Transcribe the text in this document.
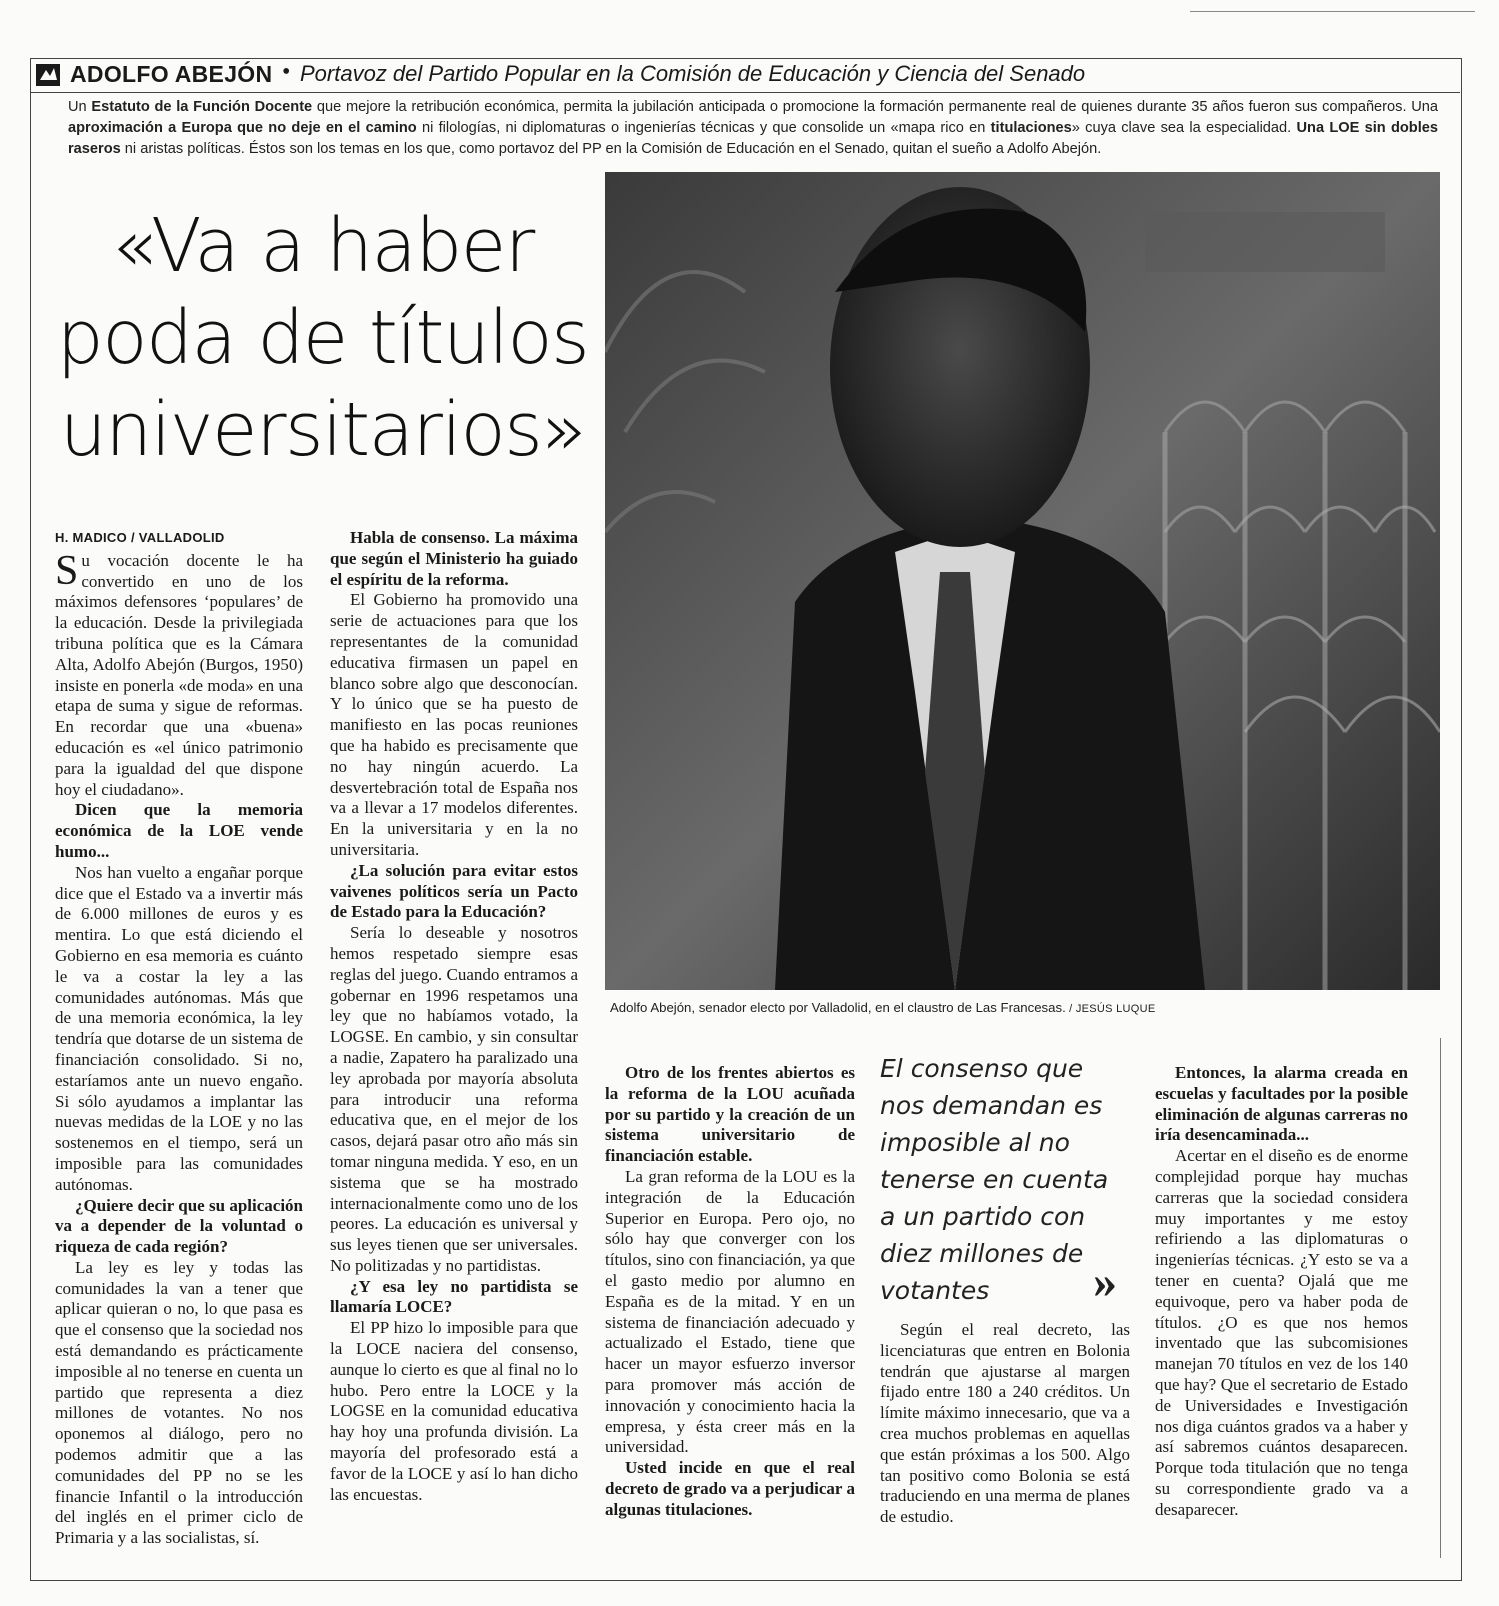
ADOLFO ABEJÓN • Portavoz del Partido Popular en la Comisión de Educación y Ciencia del Senado
Un Estatuto de la Función Docente que mejore la retribución económica, permita la jubilación anticipada o promocione la formación permanente real de quienes durante 35 años fueron sus compañeros. Una aproximación a Europa que no deje en el camino ni filologías, ni diplomaturas o ingenierías técnicas y que consolide un «mapa rico en titulaciones» cuya clave sea la especialidad. Una LOE sin dobles raseros ni aristas políticas. Éstos son los temas en los que, como portavoz del PP en la Comisión de Educación en el Senado, quitan el sueño a Adolfo Abejón.
«Va a haber
poda de títulos
universitarios»
Adolfo Abejón, senador electo por Valladolid, en el claustro de Las Francesas. / JESÚS LUQUE
H. MADICO / VALLADOLID

Su vocación docente le ha convertido en uno de los máximos defensores ‘populares’ de la educación. Desde la privilegiada tribuna política que es la Cámara Alta, Adolfo Abejón (Burgos, 1950) insiste en ponerla «de moda» en una etapa de suma y sigue de reformas. En recordar que una «buena» educación es «el único patrimonio para la igualdad del que dispone hoy el ciudadano».

Dicen que la memoria económica de la LOE vende humo...

Nos han vuelto a engañar porque dice que el Estado va a invertir más de 6.000 millones de euros y es mentira. Lo que está diciendo el Gobierno en esa memoria es cuánto le va a costar la ley a las comunidades autónomas. Más que de una memoria económica, la ley tendría que dotarse de un sistema de financiación consolidado. Si no, estaríamos ante un nuevo engaño. Si sólo ayudamos a implantar las nuevas medidas de la LOE y no las sostenemos en el tiempo, será un imposible para las comunidades autónomas.

¿Quiere decir que su aplicación va a depender de la voluntad o riqueza de cada región?

La ley es ley y todas las comunidades la van a tener que aplicar quieran o no, lo que pasa es que el consenso que la sociedad nos está demandando es prácticamente imposible al no tenerse en cuenta un partido que representa a diez millones de votantes. No nos oponemos al diálogo, pero no podemos admitir que a las comunidades del PP no se les financie Infantil o la introducción del inglés en el primer ciclo de Primaria y a las socialistas, sí.

Habla de consenso. La máxima que según el Ministerio ha guiado el espíritu de la reforma.

El Gobierno ha promovido una serie de actuaciones para que los representantes de la comunidad educativa firmasen un papel en blanco sobre algo que desconocían. Y lo único que se ha puesto de manifiesto en las pocas reuniones que ha habido es precisamente que no hay ningún acuerdo. La desvertebración total de España nos va a llevar a 17 modelos diferentes. En la universitaria y en la no universitaria.

¿La solución para evitar estos vaivenes políticos sería un Pacto de Estado para la Educación?

Sería lo deseable y nosotros hemos respetado siempre esas reglas del juego. Cuando entramos a gobernar en 1996 respetamos una ley que no habíamos votado, la LOGSE. En cambio, y sin consultar a nadie, Zapatero ha paralizado una ley aprobada por mayoría absoluta para introducir una reforma educativa que, en el mejor de los casos, dejará pasar otro año más sin tomar ninguna medida. Y eso, en un sistema que se ha mostrado internacionalmente como uno de los peores. La educación es universal y sus leyes tienen que ser universales. No politizadas y no partidistas.

¿Y esa ley no partidista se llamaría LOCE?

El PP hizo lo imposible para que la LOCE naciera del consenso, aunque lo cierto es que al final no lo hubo. Pero entre la LOCE y la LOGSE en la comunidad educativa hay hoy una profunda división. La mayoría del profesorado está a favor de la LOCE y así lo han dicho las encuestas.

Otro de los frentes abiertos es la reforma de la LOU acuñada por su partido y la creación de un sistema universitario de financiación estable.

La gran reforma de la LOU es la integración de la Educación Superior en Europa. Pero ojo, no sólo hay que converger con los títulos, sino con financiación, ya que el gasto medio por alumno en España es de la mitad. Y en un sistema de financiación adecuado y actualizado el Estado, tiene que hacer un mayor esfuerzo inversor para promover más acción de innovación y conocimiento hacia la empresa, y ésta creer más en la universidad.

Usted incide en que el real decreto de grado va a perjudicar a algunas titulaciones.

El consenso que nos demandan es imposible al no tenerse en cuenta a un partido con diez millones de votantes	»

Según el real decreto, las licenciaturas que entren en Bolonia tendrán que ajustarse al margen fijado entre 180 a 240 créditos. Un límite máximo innecesario, que va a crea muchos problemas en aquellas que están próximas a los 500. Algo tan positivo como Bolonia se está traduciendo en una merma de planes de estudio.

Entonces, la alarma creada en escuelas y facultades por la posible eliminación de algunas carreras no iría desencaminada...

Acertar en el diseño es de enorme complejidad porque hay muchas carreras que la sociedad considera muy importantes y me estoy refiriendo a las diplomaturas o ingenierías técnicas. ¿Y esto se va a tener en cuenta? Ojalá que me equivoque, pero va haber poda de títulos. ¿O es que nos hemos inventado que las subcomisiones manejan 70 títulos en vez de los 140 que hay? Que el secretario de Estado de Universidades e Investigación nos diga cuántos grados va a haber y así sabremos cuántos desaparecen. Porque toda titulación que no tenga su correspondiente grado va a desaparecer.
